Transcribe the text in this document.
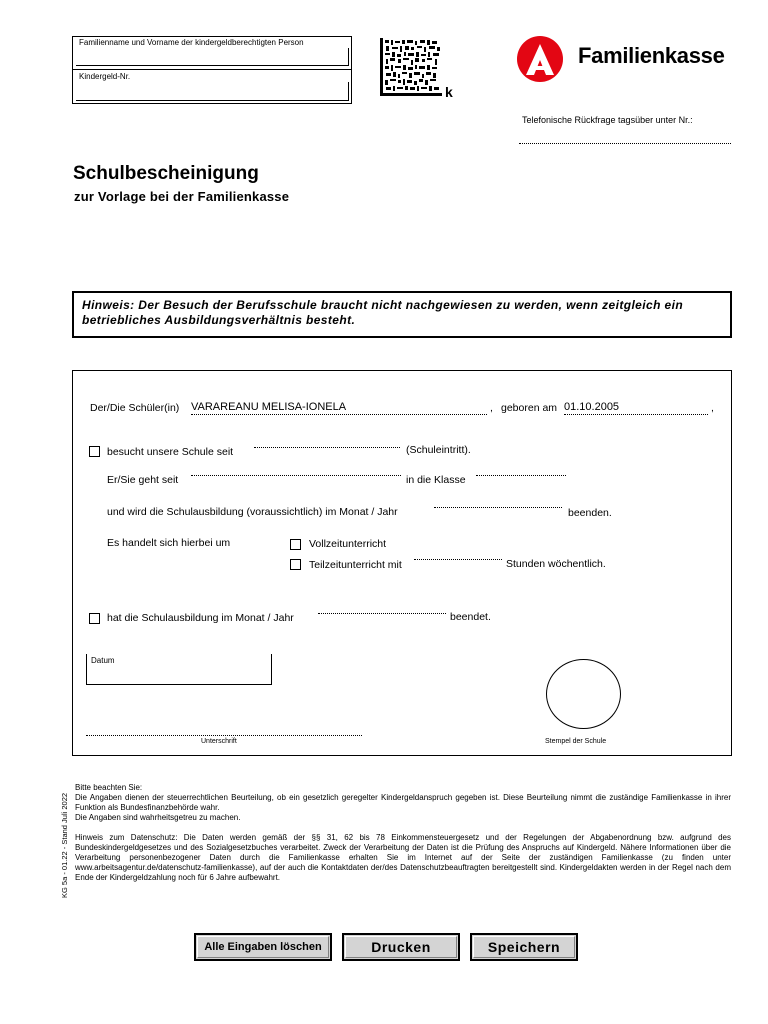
Familienname und Vorname der kindergeldberechtigten Person
Kindergeld-Nr.
k
Familienkasse
Telefonische Rückfrage tagsüber unter Nr.:
Schulbescheinigung
zur Vorlage bei der Familienkasse
Hinweis: Der Besuch der Berufsschule braucht nicht nachgewiesen zu werden, wenn zeitgleich ein betriebliches Ausbildungsverhältnis besteht.
Der/Die Schüler(in) VARAREANU MELISA-IONELA	, geboren am 01.10.2005	,
besucht unsere Schule seit	(Schuleintritt).
Er/Sie geht seit	in die Klasse
und wird die Schulausbildung (voraussichtlich) im Monat / Jahr	beenden.
Es handelt sich hierbei um	Vollzeitunterricht
Teilzeitunterricht mit	Stunden wöchentlich.
hat die Schulausbildung im Monat / Jahr	beendet.
Datum
Unterschrift	Stempel der Schule
KG 5a - 01.22 - Stand Juli 2022
Bitte beachten Sie:
Die Angaben dienen der steuerrechtlichen Beurteilung, ob ein gesetzlich geregelter Kindergeldanspruch gegeben ist. Diese Beurteilung nimmt die zuständige Familienkasse in ihrer Funktion als Bundesfinanzbehörde wahr.
Die Angaben sind wahrheitsgetreu zu machen.
Hinweis zum Datenschutz: Die Daten werden gemäß der §§ 31, 62 bis 78 Einkommensteuergesetz und der Regelungen der Abgabenordnung bzw. aufgrund des Bundeskindergeldgesetzes und des Sozialgesetzbuches verarbeitet. Zweck der Verarbeitung der Daten ist die Prüfung des Anspruchs auf Kindergeld. Nähere Informationen über die Verarbeitung personenbezogener Daten durch die Familienkasse erhalten Sie im Internet auf der Seite der zuständigen Familienkasse (zu finden unter www.arbeitsagentur.de/datenschutz-familienkasse), auf der auch die Kontaktdaten der/des Datenschutzbeauftragten bereitgestellt sind. Kindergeldakten werden in der Regel nach dem Ende der Kindergeldzahlung noch für 6 Jahre aufbewahrt.
Alle Eingaben löschen	Drucken	Speichern
